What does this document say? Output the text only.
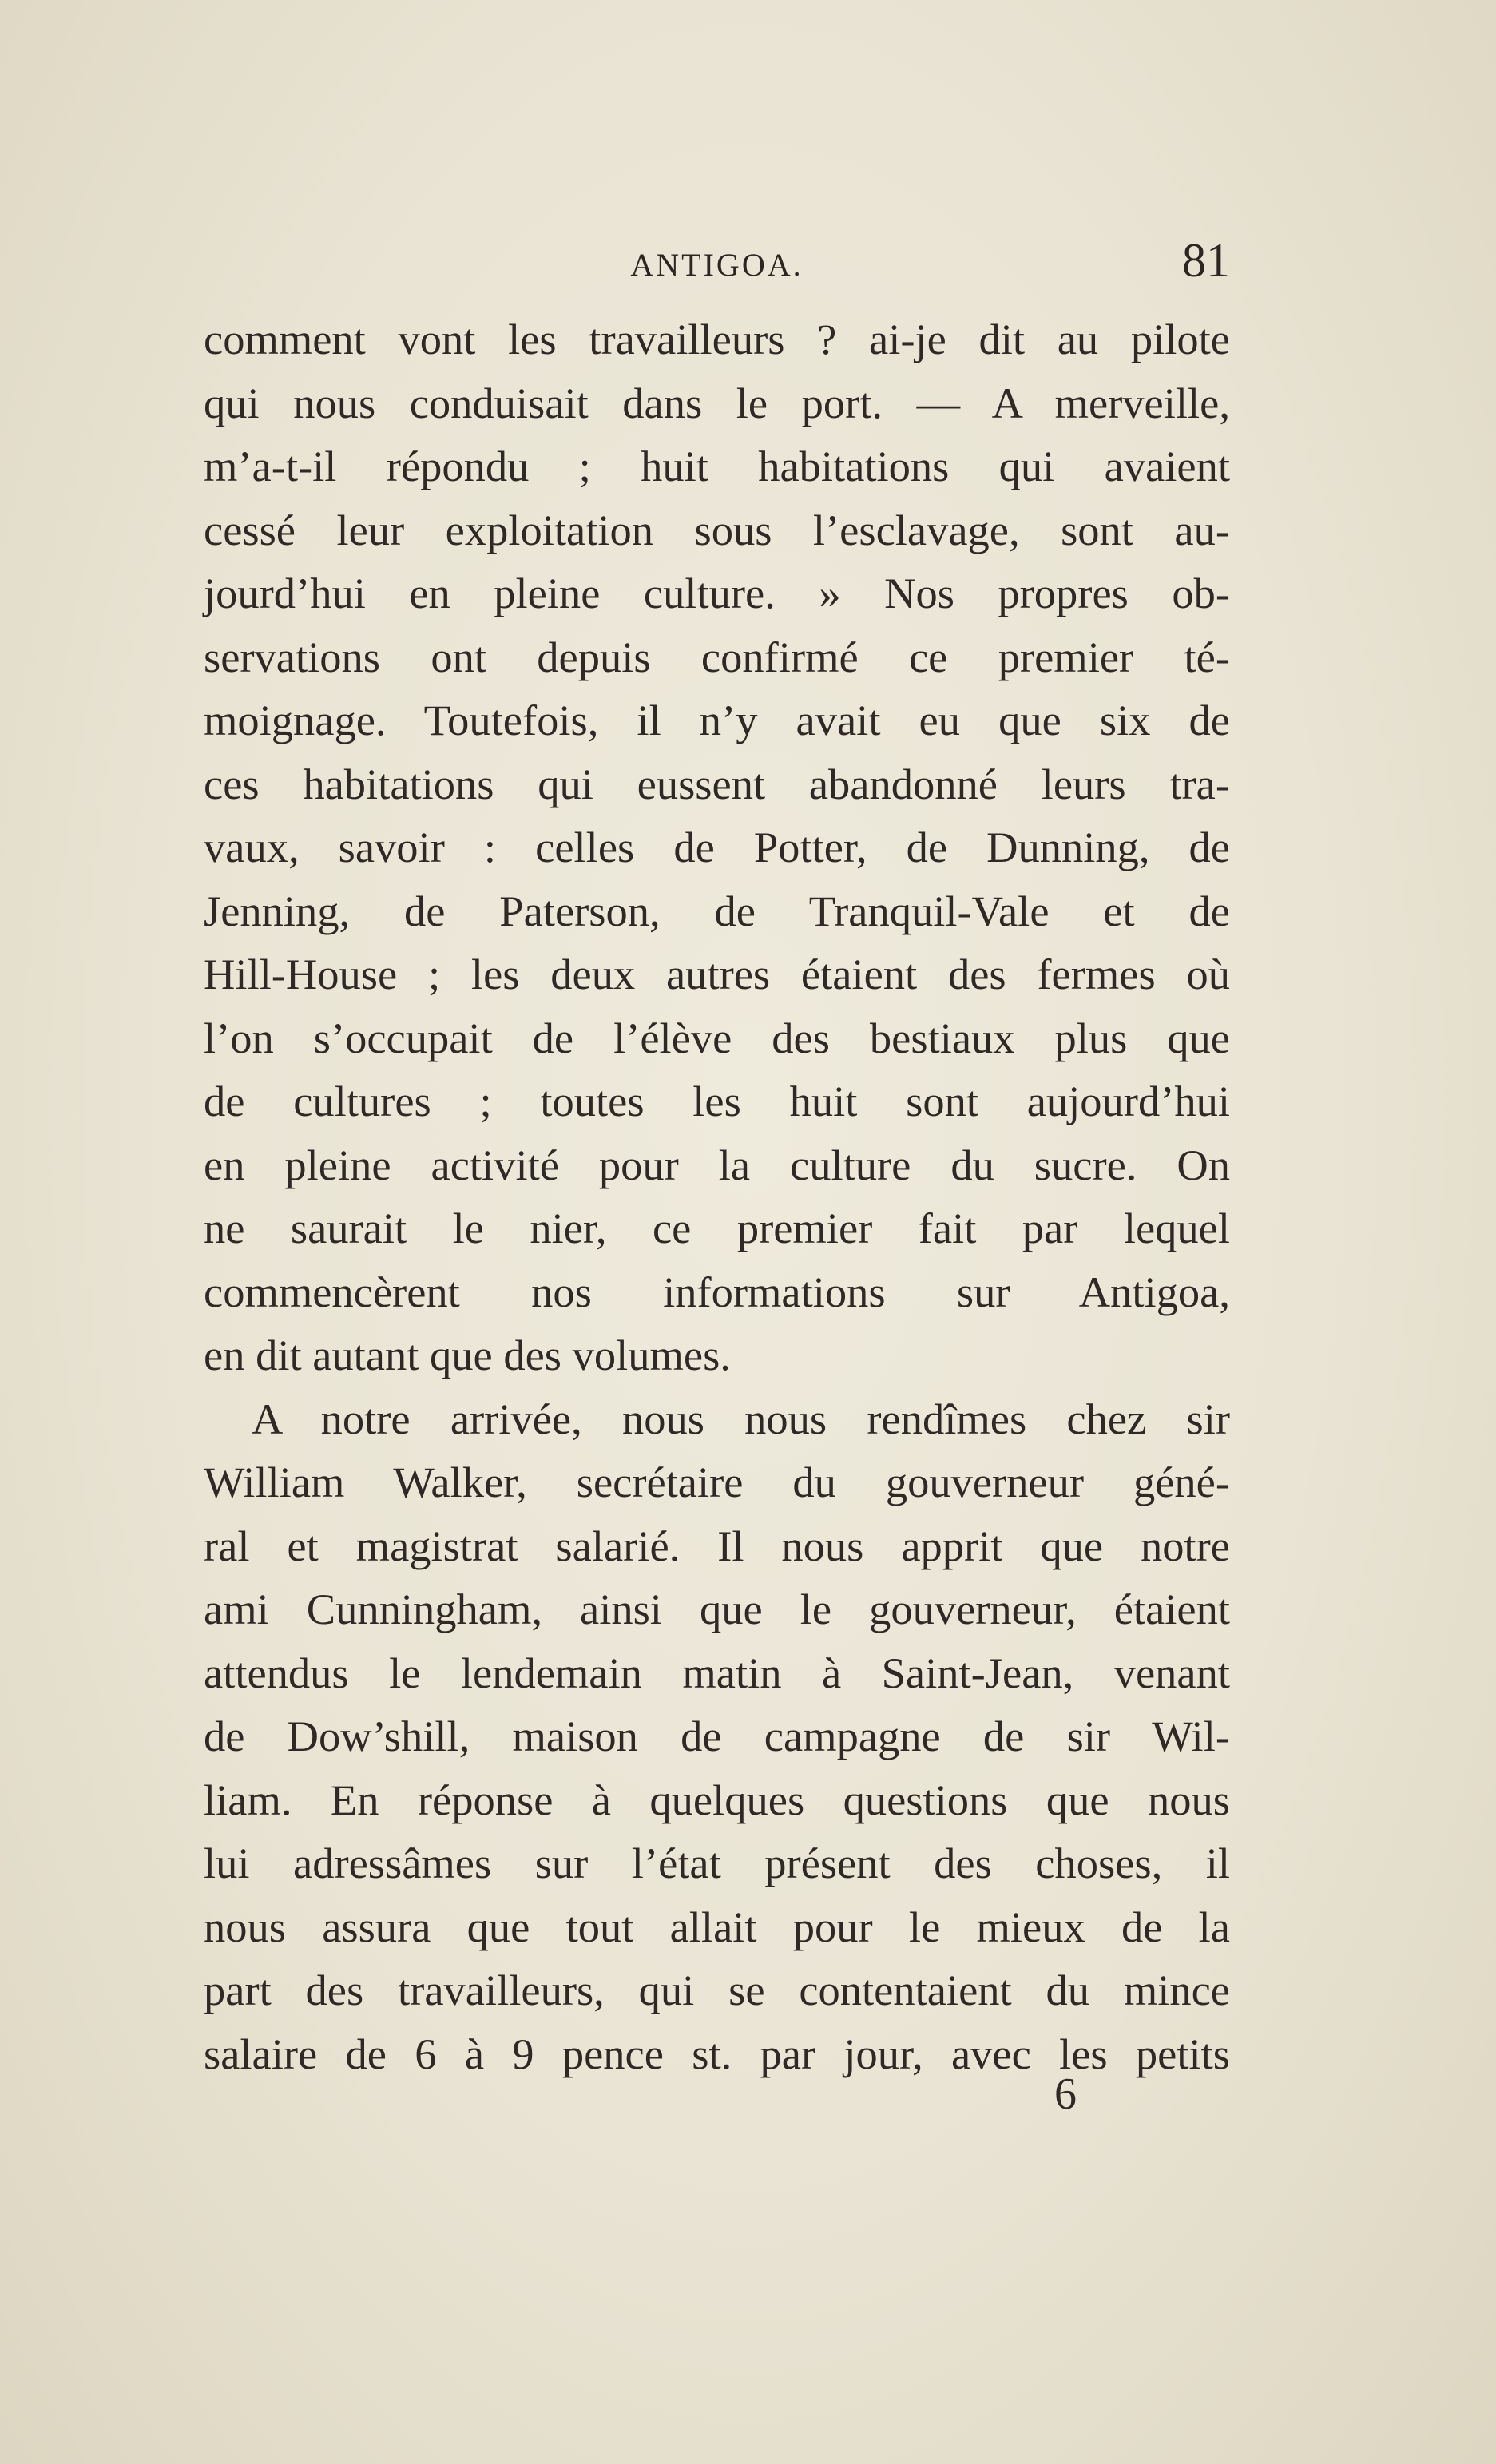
ANTIGOA.	81
comment vont les travailleurs ? ai-je dit au pilote
qui nous conduisait dans le port. — A merveille,
m’a-t-il répondu ; huit habitations qui avaient
cessé leur exploitation sous l’esclavage, sont au-
jourd’hui en pleine culture. » Nos propres ob-
servations ont depuis confirmé ce premier té-
moignage. Toutefois, il n’y avait eu que six de
ces habitations qui eussent abandonné leurs tra-
vaux, savoir : celles de Potter, de Dunning, de
Jenning, de Paterson, de Tranquil-Vale et de
Hill-House ; les deux autres étaient des fermes où
l’on s’occupait de l’élève des bestiaux plus que
de cultures ; toutes les huit sont aujourd’hui
en pleine activité pour la culture du sucre. On
ne saurait le nier, ce premier fait par lequel
commencèrent nos informations sur Antigoa,
en dit autant que des volumes.
A notre arrivée, nous nous rendîmes chez sir
William Walker, secrétaire du gouverneur géné-
ral et magistrat salarié. Il nous apprit que notre
ami Cunningham, ainsi que le gouverneur, étaient
attendus le lendemain matin à Saint-Jean, venant
de Dow’shill, maison de campagne de sir Wil-
liam. En réponse à quelques questions que nous
lui adressâmes sur l’état présent des choses, il
nous assura que tout allait pour le mieux de la
part des travailleurs, qui se contentaient du mince
salaire de 6 à 9 pence st. par jour, avec les petits
6
